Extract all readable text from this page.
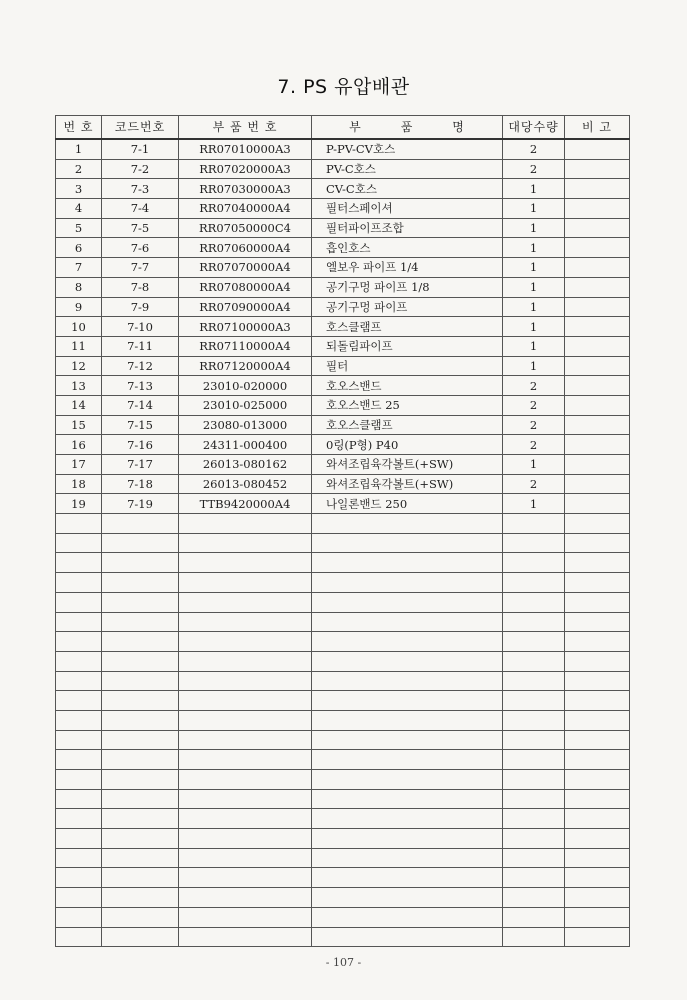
7. PS 유압배관
번 호	코드번호	부 품 번 호	부　　　품　　　명	대당수량	비 고
1	7-1	RR07010000A3	P-PV-CV호스	2	
2	7-2	RR07020000A3	PV-C호스	2	
3	7-3	RR07030000A3	CV-C호스	1	
4	7-4	RR07040000A4	필터스페이셔	1	
5	7-5	RR07050000C4	필터파이프조합	1	
6	7-6	RR07060000A4	흡인호스	1	
7	7-7	RR07070000A4	엘보우 파이프 1/4	1	
8	7-8	RR07080000A4	공기구멍 파이프 1/8	1	
9	7-9	RR07090000A4	공기구멍 파이프	1	
10	7-10	RR07100000A3	호스클램프	1	
11	7-11	RR07110000A4	되돌림파이프	1	
12	7-12	RR07120000A4	필터	1	
13	7-13	23010-020000	호오스밴드	2	
14	7-14	23010-025000	호오스밴드 25	2	
15	7-15	23080-013000	호오스클램프	2	
16	7-16	24311-000400	0링(P형) P40	2	
17	7-17	26013-080162	와셔조립육각볼트(+SW)	1	
18	7-18	26013-080452	와셔조립육각볼트(+SW)	2	
19	7-19	TTB9420000A4	나일론밴드 250	1	

- 107 -
